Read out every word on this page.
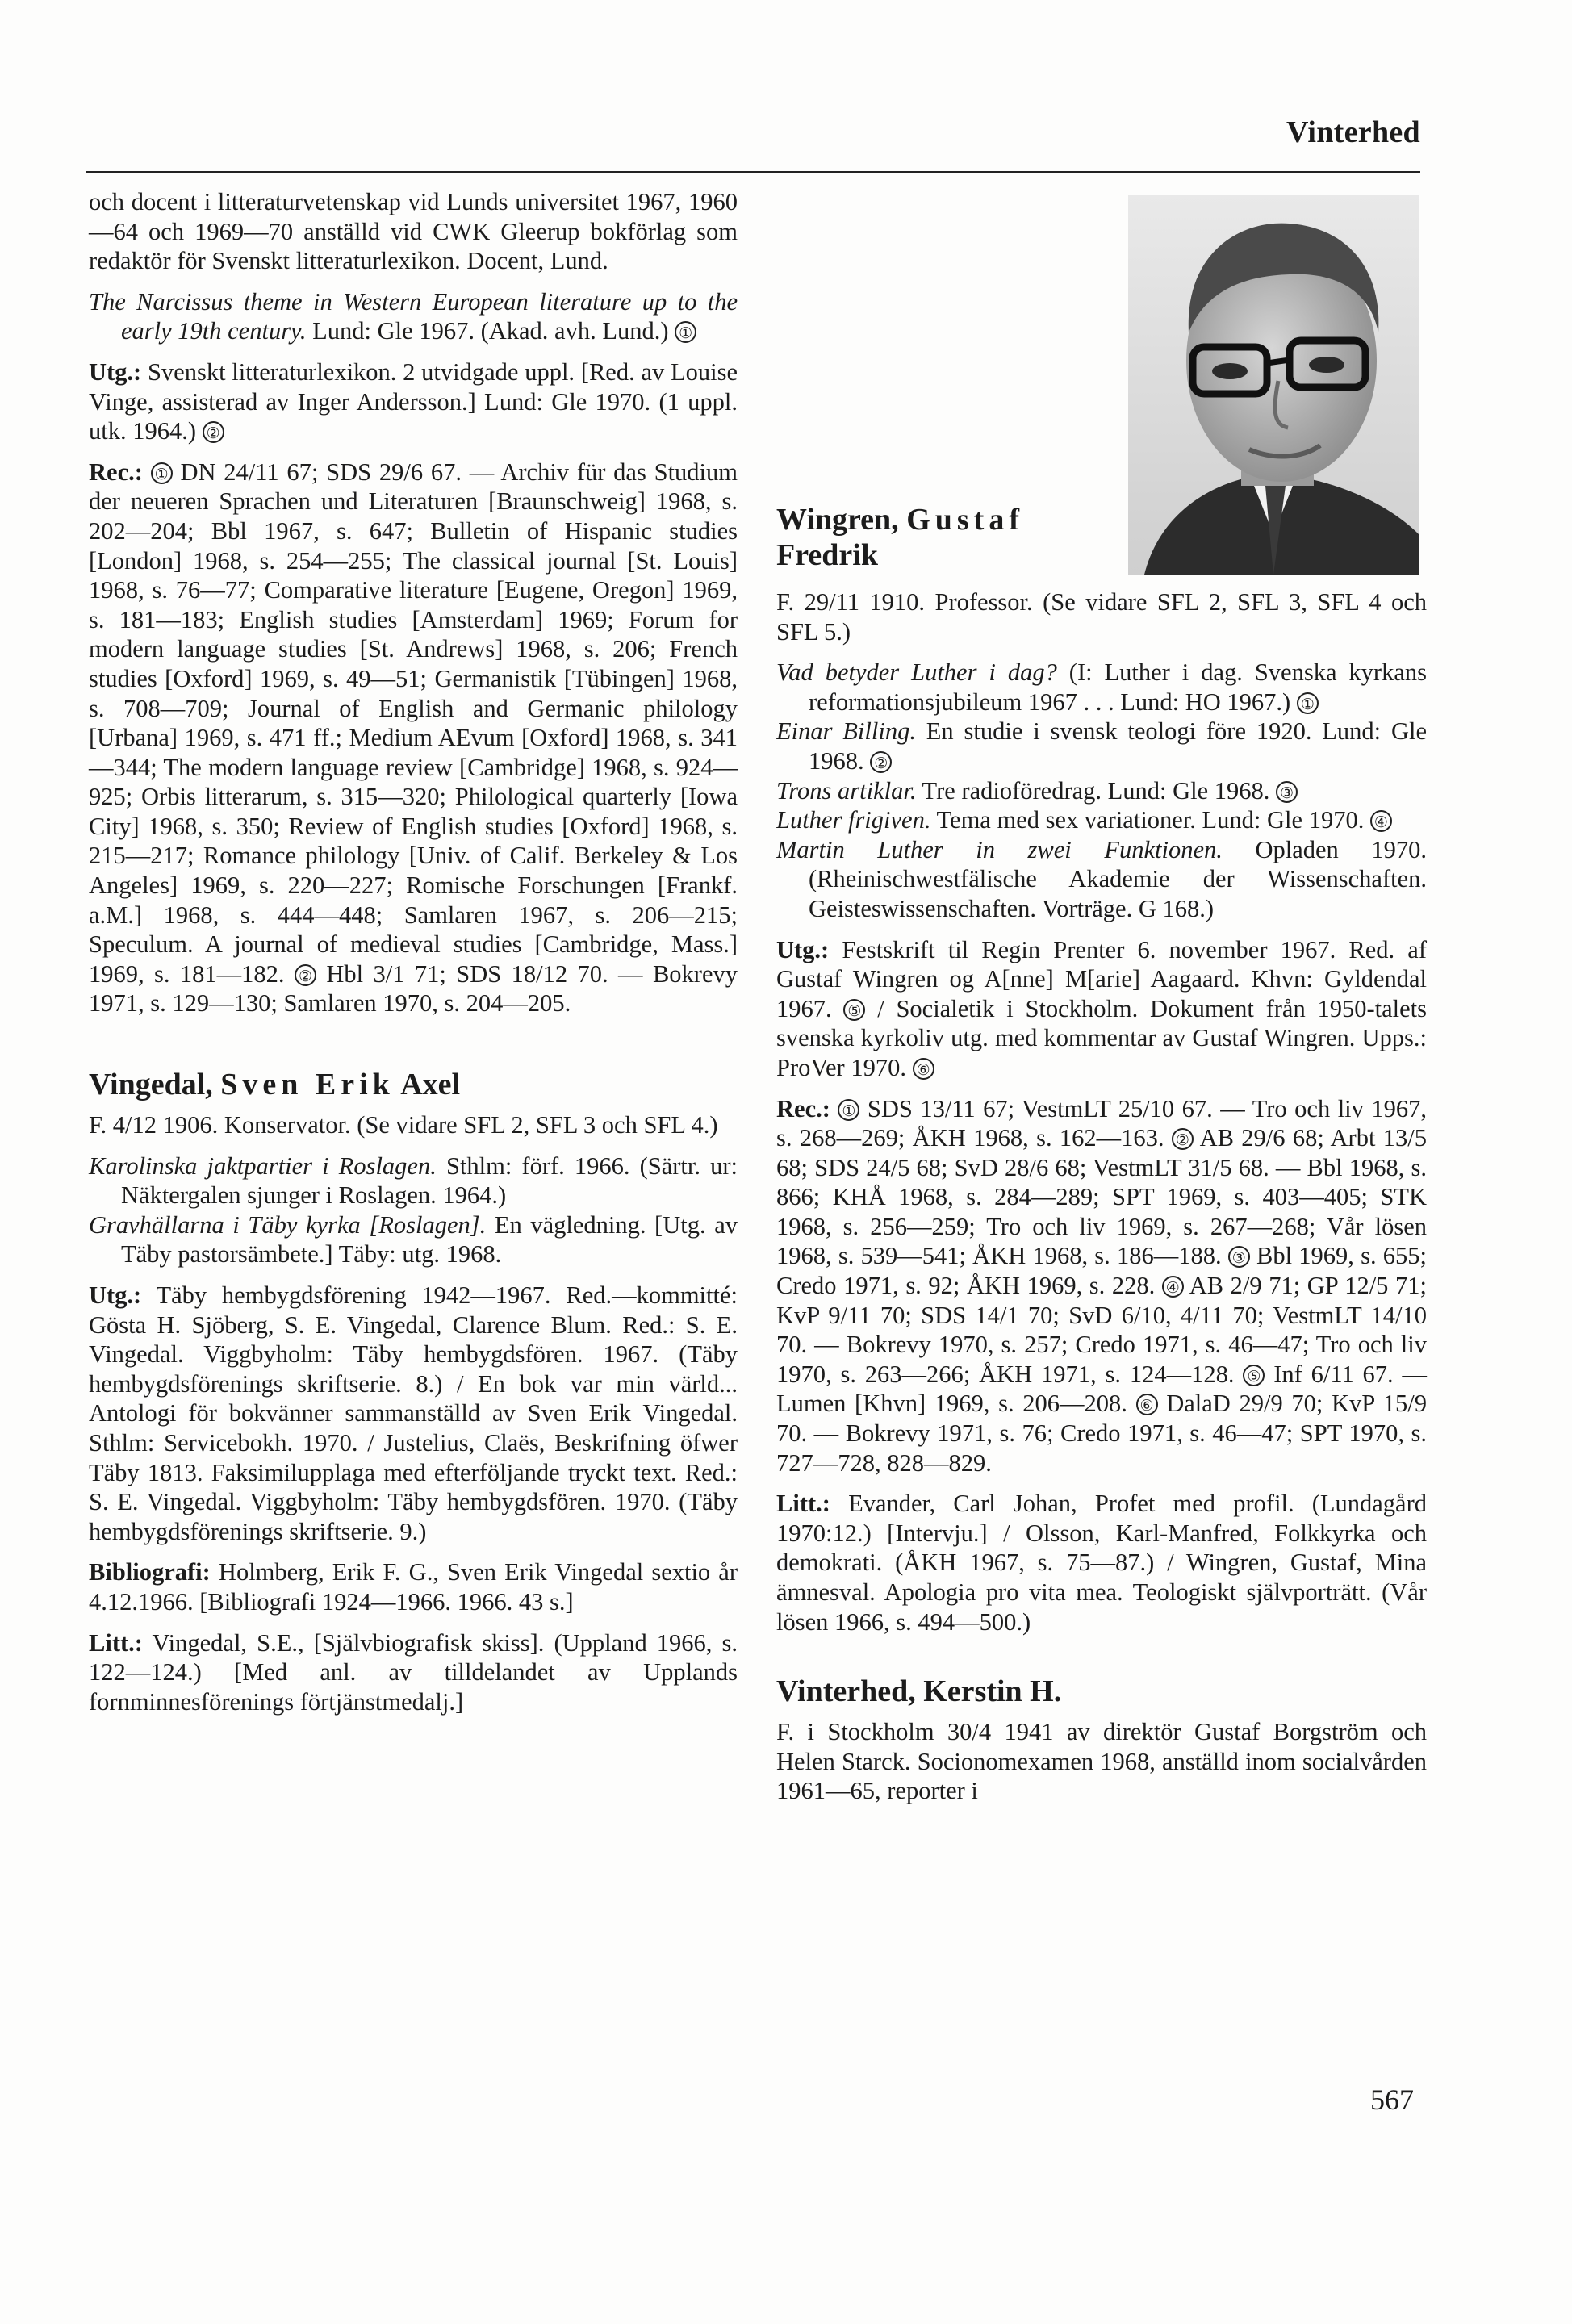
Vinterhed

och docent i litteraturvetenskap vid Lunds universitet 1967, 1960—64 och 1969—70 anställd vid CWK Gleerup bokförlag som redaktör för Svenskt litteraturlexikon. Docent, Lund.

The Narcissus theme in Western European literature up to the early 19th century. Lund: Gle 1967. (Akad. avh. Lund.) ①

Utg.: Svenskt litteraturlexikon. 2 utvidgade uppl. [Red. av Louise Vinge, assisterad av Inger Andersson.] Lund: Gle 1970. (1 uppl. utk. 1964.) ②

Rec.: ① DN 24/11 67; SDS 29/6 67. — Archiv für das Studium der neueren Sprachen und Literaturen [Braunschweig] 1968, s. 202—204; Bbl 1967, s. 647; Bulletin of Hispanic studies [London] 1968, s. 254—255; The classical journal [St. Louis] 1968, s. 76—77; Comparative literature [Eugene, Oregon] 1969, s. 181—183; English studies [Amsterdam] 1969; Forum for modern language studies [St. Andrews] 1968, s. 206; French studies [Oxford] 1969, s. 49—51; Germanistik [Tübingen] 1968, s. 708—709; Journal of English and Germanic philology [Urbana] 1969, s. 471 ff.; Medium AEvum [Oxford] 1968, s. 341—344; The modern language review [Cambridge] 1968, s. 924—925; Orbis litterarum, s. 315—320; Philological quarterly [Iowa City] 1968, s. 350; Review of English studies [Oxford] 1968, s. 215—217; Romance philology [Univ. of Calif. Berkeley & Los Angeles] 1969, s. 220—227; Romische Forschungen [Frankf. a.M.] 1968, s. 444—448; Samlaren 1967, s. 206—215; Speculum. A journal of medieval studies [Cambridge, Mass.] 1969, s. 181—182. ② Hbl 3/1 71; SDS 18/12 70. — Bokrevy 1971, s. 129—130; Samlaren 1970, s. 204—205.

Vingedal, Sven Erik Axel

F. 4/12 1906. Konservator. (Se vidare SFL 2, SFL 3 och SFL 4.)

Karolinska jaktpartier i Roslagen. Sthlm: förf. 1966. (Särtr. ur: Näktergalen sjunger i Roslagen. 1964.)

Gravhällarna i Täby kyrka [Roslagen]. En vägledning. [Utg. av Täby pastorsämbete.] Täby: utg. 1968.

Utg.: Täby hembygdsförening 1942—1967. Red.—kommitté: Gösta H. Sjöberg, S. E. Vingedal, Clarence Blum. Red.: S. E. Vingedal. Viggbyholm: Täby hembygdsfören. 1967. (Täby hembygdsförenings skriftserie. 8.) / En bok var min värld... Antologi för bokvänner sammanställd av Sven Erik Vingedal. Sthlm: Servicebokh. 1970. / Justelius, Claës, Beskrifning öfwer Täby 1813. Faksimilupplaga med efterföljande tryckt text. Red.: S. E. Vingedal. Viggbyholm: Täby hembygdsfören. 1970. (Täby hembygdsförenings skriftserie. 9.)

Bibliografi: Holmberg, Erik F. G., Sven Erik Vingedal sextio år 4.12.1966. [Bibliografi 1924—1966. 1966. 43 s.]

Litt.: Vingedal, S.E., [Självbiografisk skiss]. (Uppland 1966, s. 122—124.) [Med anl. av tilldelandet av Upplands fornminnesförenings förtjänstmedalj.]

Wingren, Gustaf

Fredrik

F. 29/11 1910. Professor. (Se vidare SFL 2, SFL 3, SFL 4 och SFL 5.)

Vad betyder Luther i dag? (I: Luther i dag. Svenska kyrkans reformationsjubileum 1967 . . . Lund: HO 1967.) ①

Einar Billing. En studie i svensk teologi före 1920. Lund: Gle 1968. ②

Trons artiklar. Tre radioföredrag. Lund: Gle 1968. ③

Luther frigiven. Tema med sex variationer. Lund: Gle 1970. ④

Martin Luther in zwei Funktionen. Opladen 1970. (Rheinischwestfälische Akademie der Wissenschaften. Geisteswissenschaften. Vorträge. G 168.)

Utg.: Festskrift til Regin Prenter 6. november 1967. Red. af Gustaf Wingren og A[nne] M[arie] Aagaard. Khvn: Gyldendal 1967. ⑤ / Socialetik i Stockholm. Dokument från 1950-talets svenska kyrkoliv utg. med kommentar av Gustaf Wingren. Upps.: ProVer 1970. ⑥

Rec.: ① SDS 13/11 67; VestmLT 25/10 67. — Tro och liv 1967, s. 268—269; ÅKH 1968, s. 162—163. ② AB 29/6 68; Arbt 13/5 68; SDS 24/5 68; SvD 28/6 68; VestmLT 31/5 68. — Bbl 1968, s. 866; KHÅ 1968, s. 284—289; SPT 1969, s. 403—405; STK 1968, s. 256—259; Tro och liv 1969, s. 267—268; Vår lösen 1968, s. 539—541; ÅKH 1968, s. 186—188. ③ Bbl 1969, s. 655; Credo 1971, s. 92; ÅKH 1969, s. 228. ④ AB 2/9 71; GP 12/5 71; KvP 9/11 70; SDS 14/1 70; SvD 6/10, 4/11 70; VestmLT 14/10 70. — Bokrevy 1970, s. 257; Credo 1971, s. 46—47; Tro och liv 1970, s. 263—266; ÅKH 1971, s. 124—128. ⑤ Inf 6/11 67. — Lumen [Khvn] 1969, s. 206—208. ⑥ DalaD 29/9 70; KvP 15/9 70. — Bokrevy 1971, s. 76; Credo 1971, s. 46—47; SPT 1970, s. 727—728, 828—829.

Litt.: Evander, Carl Johan, Profet med profil. (Lundagård 1970:12.) [Intervju.] / Olsson, Karl-Manfred, Folkkyrka och demokrati. (ÅKH 1967, s. 75—87.) / Wingren, Gustaf, Mina ämnesval. Apologia pro vita mea. Teologiskt självporträtt. (Vår lösen 1966, s. 494—500.)

Vinterhed, Kerstin H.

F. i Stockholm 30/4 1941 av direktör Gustaf Borgström och Helen Starck. Socionomexamen 1968, anställd inom socialvården 1961—65, reporter i

567
